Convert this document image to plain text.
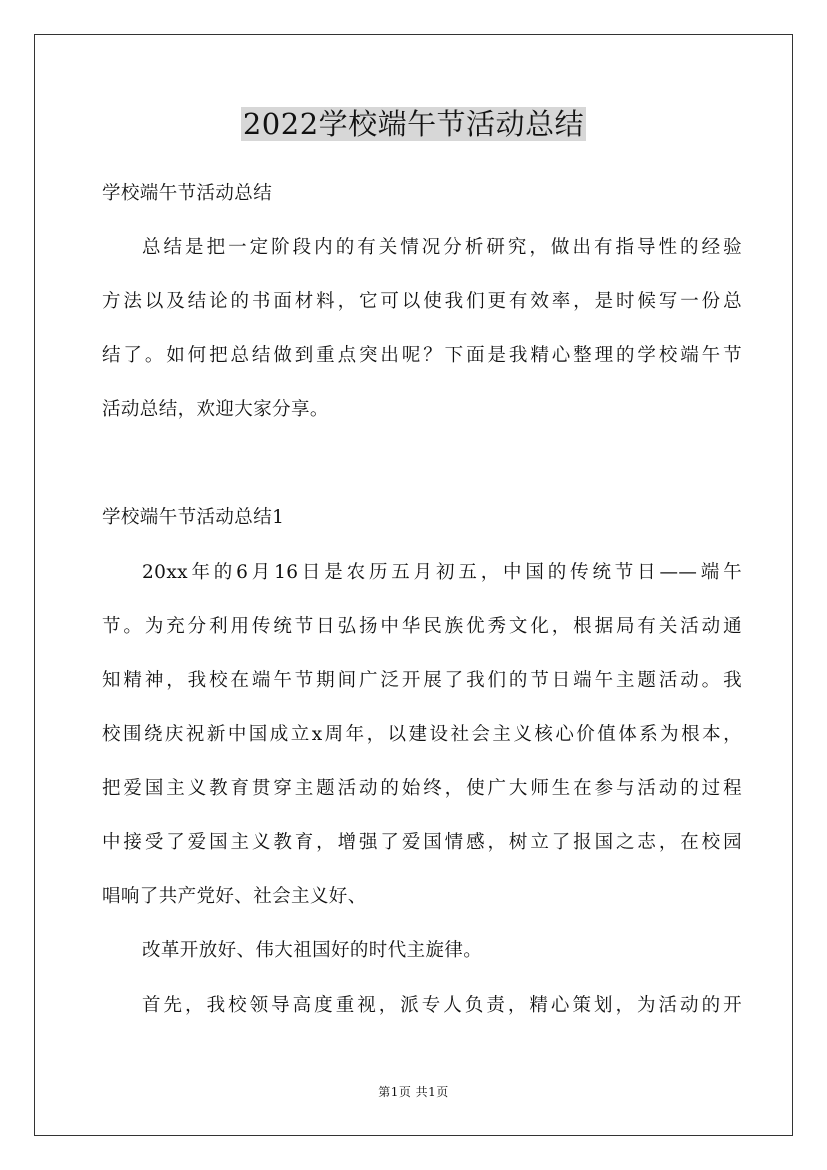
2022学校端午节活动总结
学校端午节活动总结
总结是把一定阶段内的有关情况分析研究，做出有指导性的经验
方法以及结论的书面材料，它可以使我们更有效率，是时候写一份总
结了。如何把总结做到重点突出呢？下面是我精心整理的学校端午节
活动总结，欢迎大家分享。
学校端午节活动总结1
20xx年的6月16日是农历五月初五，中国的传统节日——端午
节。为充分利用传统节日弘扬中华民族优秀文化，根据局有关活动通
知精神，我校在端午节期间广泛开展了我们的节日端午主题活动。我
校围绕庆祝新中国成立x周年，以建设社会主义核心价值体系为根本，
把爱国主义教育贯穿主题活动的始终，使广大师生在参与活动的过程
中接受了爱国主义教育，增强了爱国情感，树立了报国之志，在校园
唱响了共产党好、社会主义好、
改革开放好、伟大祖国好的时代主旋律。
首先，我校领导高度重视，派专人负责，精心策划，为活动的开
第1页 共1页
